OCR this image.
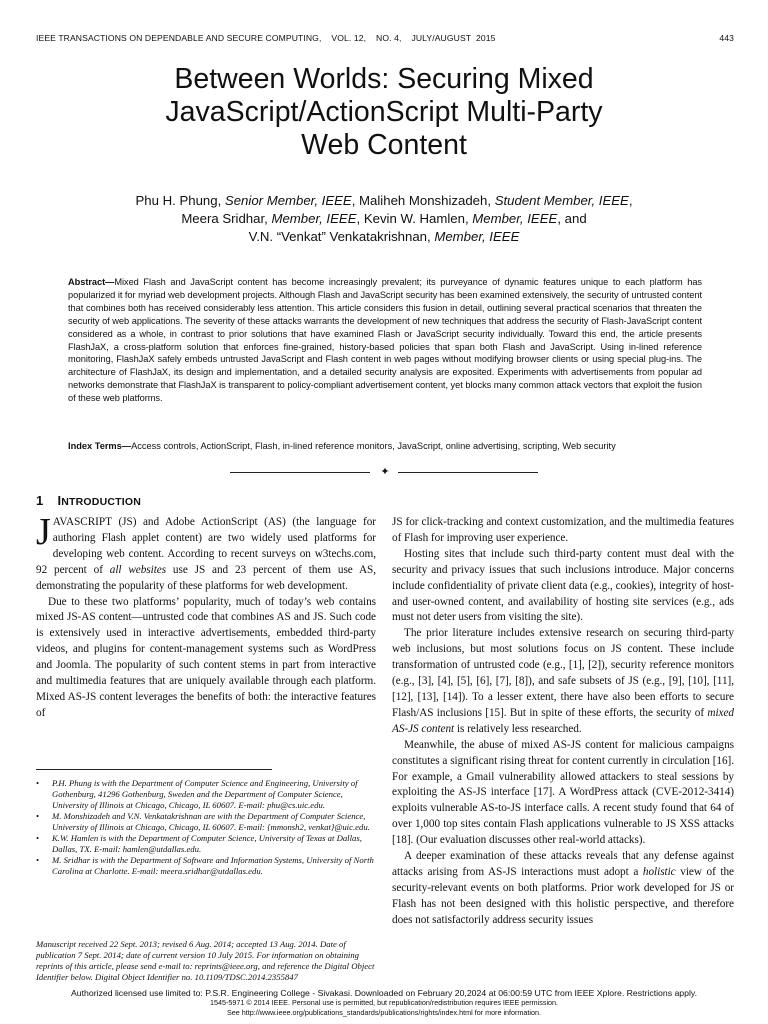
IEEE TRANSACTIONS ON DEPENDABLE AND SECURE COMPUTING,    VOL. 12,    NO. 4,    JULY/AUGUST  2015	443
Between Worlds: Securing Mixed
JavaScript/ActionScript Multi-Party
Web Content
Phu H. Phung, Senior Member, IEEE, Maliheh Monshizadeh, Student Member, IEEE,
Meera Sridhar, Member, IEEE, Kevin W. Hamlen, Member, IEEE, and
V.N. “Venkat” Venkatakrishnan, Member, IEEE
Abstract—Mixed Flash and JavaScript content has become increasingly prevalent; its purveyance of dynamic features unique to each platform has popularized it for myriad web development projects. Although Flash and JavaScript security has been examined extensively, the security of untrusted content that combines both has received considerably less attention. This article considers this fusion in detail, outlining several practical scenarios that threaten the security of web applications. The severity of these attacks warrants the development of new techniques that address the security of Flash-JavaScript content considered as a whole, in contrast to prior solutions that have examined Flash or JavaScript security individually. Toward this end, the article presents FlashJaX, a cross-platform solution that enforces fine-grained, history-based policies that span both Flash and JavaScript. Using in-lined reference monitoring, FlashJaX safely embeds untrusted JavaScript and Flash content in web pages without modifying browser clients or using special plug-ins. The architecture of FlashJaX, its design and implementation, and a detailed security analysis are exposited. Experiments with advertisements from popular ad networks demonstrate that FlashJaX is transparent to policy-compliant advertisement content, yet blocks many common attack vectors that exploit the fusion of these web platforms.
Index Terms—Access controls, ActionScript, Flash, in-lined reference monitors, JavaScript, online advertising, scripting, Web security
✦
1 INTRODUCTION

JAVASCRIPT (JS) and Adobe ActionScript (AS) (the language for authoring Flash applet content) are two widely used platforms for developing web content. According to recent surveys on w3techs.com, 92 percent of all websites use JS and 23 percent of them use AS, demonstrating the popularity of these platforms for web development.

Due to these two platforms’ popularity, much of today’s web contains mixed JS-AS content—untrusted code that combines AS and JS. Such code is extensively used in interactive advertisements, embedded third-party videos, and plugins for content-management systems such as WordPress and Joomla. The popularity of such content stems in part from interactive and multimedia features that are uniquely available through each platform. Mixed AS-JS content leverages the benefits of both: the interactive features of

• P.H. Phung is with the Department of Computer Science and Engineering, University of Gothenburg, 41296 Gothenburg, Sweden and the Department of Computer Science, University of Illinois at Chicago, Chicago, IL 60607. E-mail: phu@cs.uic.edu.
• M. Monshizadeh and V.N. Venkatakrishnan are with the Department of Computer Science, University of Illinois at Chicago, Chicago, IL 60607. E-mail: {mmonsh2, venkat}@uic.edu.
• K.W. Hamlen is with the Department of Computer Science, University of Texas at Dallas, Dallas, TX. E-mail: hamlen@utdallas.edu.
• M. Sridhar is with the Department of Software and Information Systems, University of North Carolina at Charlotte. E-mail: meera.sridhar@utdallas.edu.
Manuscript received 22 Sept. 2013; revised 6 Aug. 2014; accepted 13 Aug. 2014. Date of publication 7 Sept. 2014; date of current version 10 July 2015. For information on obtaining reprints of this article, please send e-mail to: reprints@ieee.org, and reference the Digital Object Identifier below. Digital Object Identifier no. 10.1109/TDSC.2014.2355847

JS for click-tracking and context customization, and the multimedia features of Flash for improving user experience.

Hosting sites that include such third-party content must deal with the security and privacy issues that such inclusions introduce. Major concerns include confidentiality of private client data (e.g., cookies), integrity of host- and user-owned content, and availability of hosting site services (e.g., ads must not deter users from visiting the site).

The prior literature includes extensive research on securing third-party web inclusions, but most solutions focus on JS content. These include transformation of untrusted code (e.g., [1], [2]), security reference monitors (e.g., [3], [4], [5], [6], [7], [8]), and safe subsets of JS (e.g., [9], [10], [11], [12], [13], [14]). To a lesser extent, there have also been efforts to secure Flash/AS inclusions [15]. But in spite of these efforts, the security of mixed AS-JS content is relatively less researched.

Meanwhile, the abuse of mixed AS-JS content for malicious campaigns constitutes a significant rising threat for content currently in circulation [16]. For example, a Gmail vulnerability allowed attackers to steal sessions by exploiting the AS-JS interface [17]. A WordPress attack (CVE-2012-3414) exploits vulnerable AS-to-JS interface calls. A recent study found that 64 of over 1,000 top sites contain Flash applications vulnerable to JS XSS attacks [18]. (Our evaluation discusses other real-world attacks).

A deeper examination of these attacks reveals that any defense against attacks arising from AS-JS interactions must adopt a holistic view of the security-relevant events on both platforms. Prior work developed for JS or Flash has not been designed with this holistic perspective, and therefore does not satisfactorily address security issues

Authorized licensed use limited to: P.S.R. Engineering College - Sivakasi. Downloaded on February 20,2024 at 06:00:59 UTC from IEEE Xplore. Restrictions apply.
1545-5971 © 2014 IEEE. Personal use is permitted, but republication/redistribution requires IEEE permission.
See http://www.ieee.org/publications_standards/publications/rights/index.html for more information.
